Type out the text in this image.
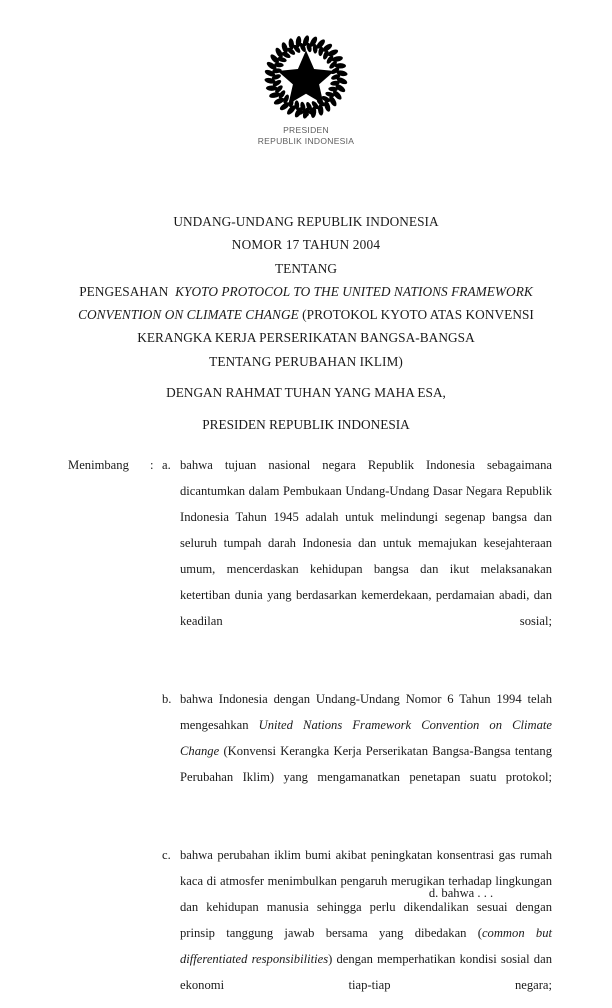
PRESIDEN
REPUBLIK INDONESIA
UNDANG-UNDANG REPUBLIK INDONESIA
NOMOR 17 TAHUN 2004
TENTANG
PENGESAHAN KYOTO PROTOCOL TO THE UNITED NATIONS FRAMEWORK
CONVENTION ON CLIMATE CHANGE (PROTOKOL KYOTO ATAS KONVENSI
KERANGKA KERJA PERSERIKATAN BANGSA-BANGSA
TENTANG PERUBAHAN IKLIM)
DENGAN RAHMAT TUHAN YANG MAHA ESA,
PRESIDEN REPUBLIK INDONESIA
Menimbang	: a. bahwa tujuan nasional negara Republik Indonesia sebagaimana dicantumkan dalam Pembukaan Undang-Undang Dasar Negara Republik Indonesia Tahun 1945 adalah untuk melindungi segenap bangsa dan seluruh tumpah darah Indonesia dan untuk memajukan kesejahteraan umum, mencerdaskan kehidupan bangsa dan ikut melaksanakan ketertiban dunia yang berdasarkan kemerdekaan, perdamaian abadi, dan keadilan sosial;

b. bahwa Indonesia dengan Undang-Undang Nomor 6 Tahun 1994 telah mengesahkan United Nations Framework Convention on Climate Change (Konvensi Kerangka Kerja Perserikatan Bangsa-Bangsa tentang Perubahan Iklim) yang mengamanatkan penetapan suatu protokol;

c. bahwa perubahan iklim bumi akibat peningkatan konsentrasi gas rumah kaca di atmosfer menimbulkan pengaruh merugikan terhadap lingkungan dan kehidupan manusia sehingga perlu dikendalikan sesuai dengan prinsip tanggung jawab bersama yang dibedakan (common but differentiated responsibilities) dengan memperhatikan kondisi sosial dan ekonomi tiap-tiap negara;

d. bahwa . . .
